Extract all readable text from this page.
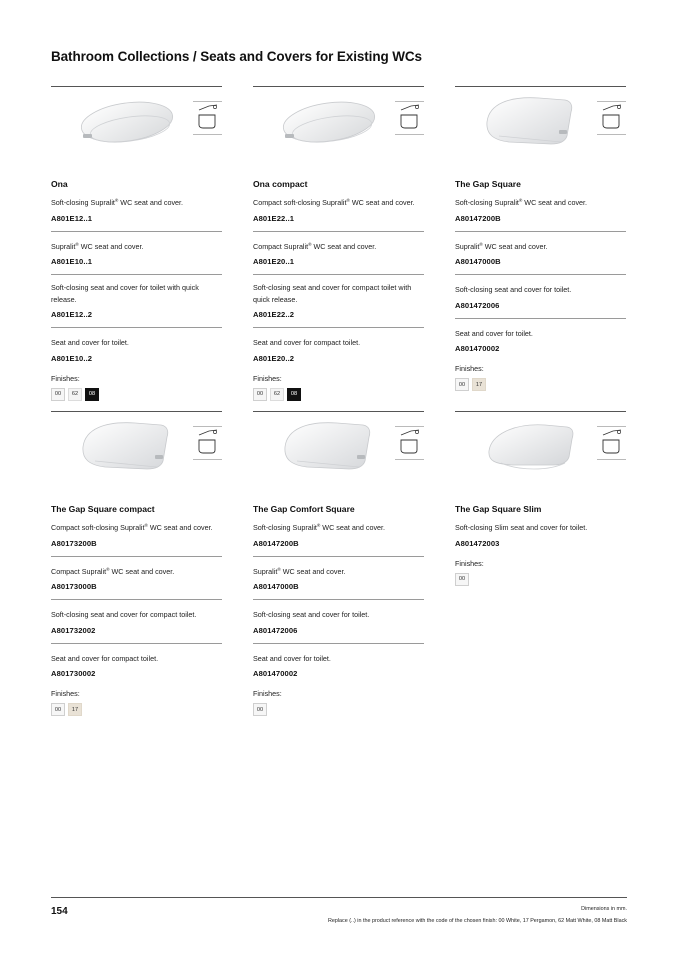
Bathroom Collections / Seats and Covers for Existing WCs
Ona
Soft-closing Supralit® WC seat and cover.
A801E12..1
Supralit® WC seat and cover.
A801E10..1
Soft-closing seat and cover for toilet with quick release.
A801E12..2
Seat and cover for toilet.
A801E10..2
Finishes:
00	62	08
Ona compact
Compact soft-closing Supralit® WC seat and cover.
A801E22..1
Compact Supralit® WC seat and cover.
A801E20..1
Soft-closing seat and cover for compact toilet with quick release.
A801E22..2
Seat and cover for compact toilet.
A801E20..2
Finishes:
00	62	08
The Gap Square
Soft-closing Supralit® WC seat and cover.
A80147200B
Supralit® WC seat and cover.
A80147000B
Soft-closing seat and cover for toilet.
A801472006
Seat and cover for toilet.
A801470002
Finishes:
00	17
The Gap Square compact
Compact soft-closing Supralit® WC seat and cover.
A80173200B
Compact Supralit® WC seat and cover.
A80173000B
Soft-closing seat and cover for compact toilet.
A801732002
Seat and cover for compact toilet.
A801730002
Finishes:
00	17
The Gap Comfort Square
Soft-closing Supralit® WC seat and cover.
A80147200B
Supralit® WC seat and cover.
A80147000B
Soft-closing seat and cover for toilet.
A801472006
Seat and cover for toilet.
A801470002
Finishes:
00
The Gap Square Slim
Soft-closing Slim seat and cover for toilet.
A801472003
Finishes:
00
154	Dimensions in mm.
Replace (..) in the product reference with the code of the chosen finish: 00 White, 17 Pergamon, 62 Matt White, 08 Matt Black
